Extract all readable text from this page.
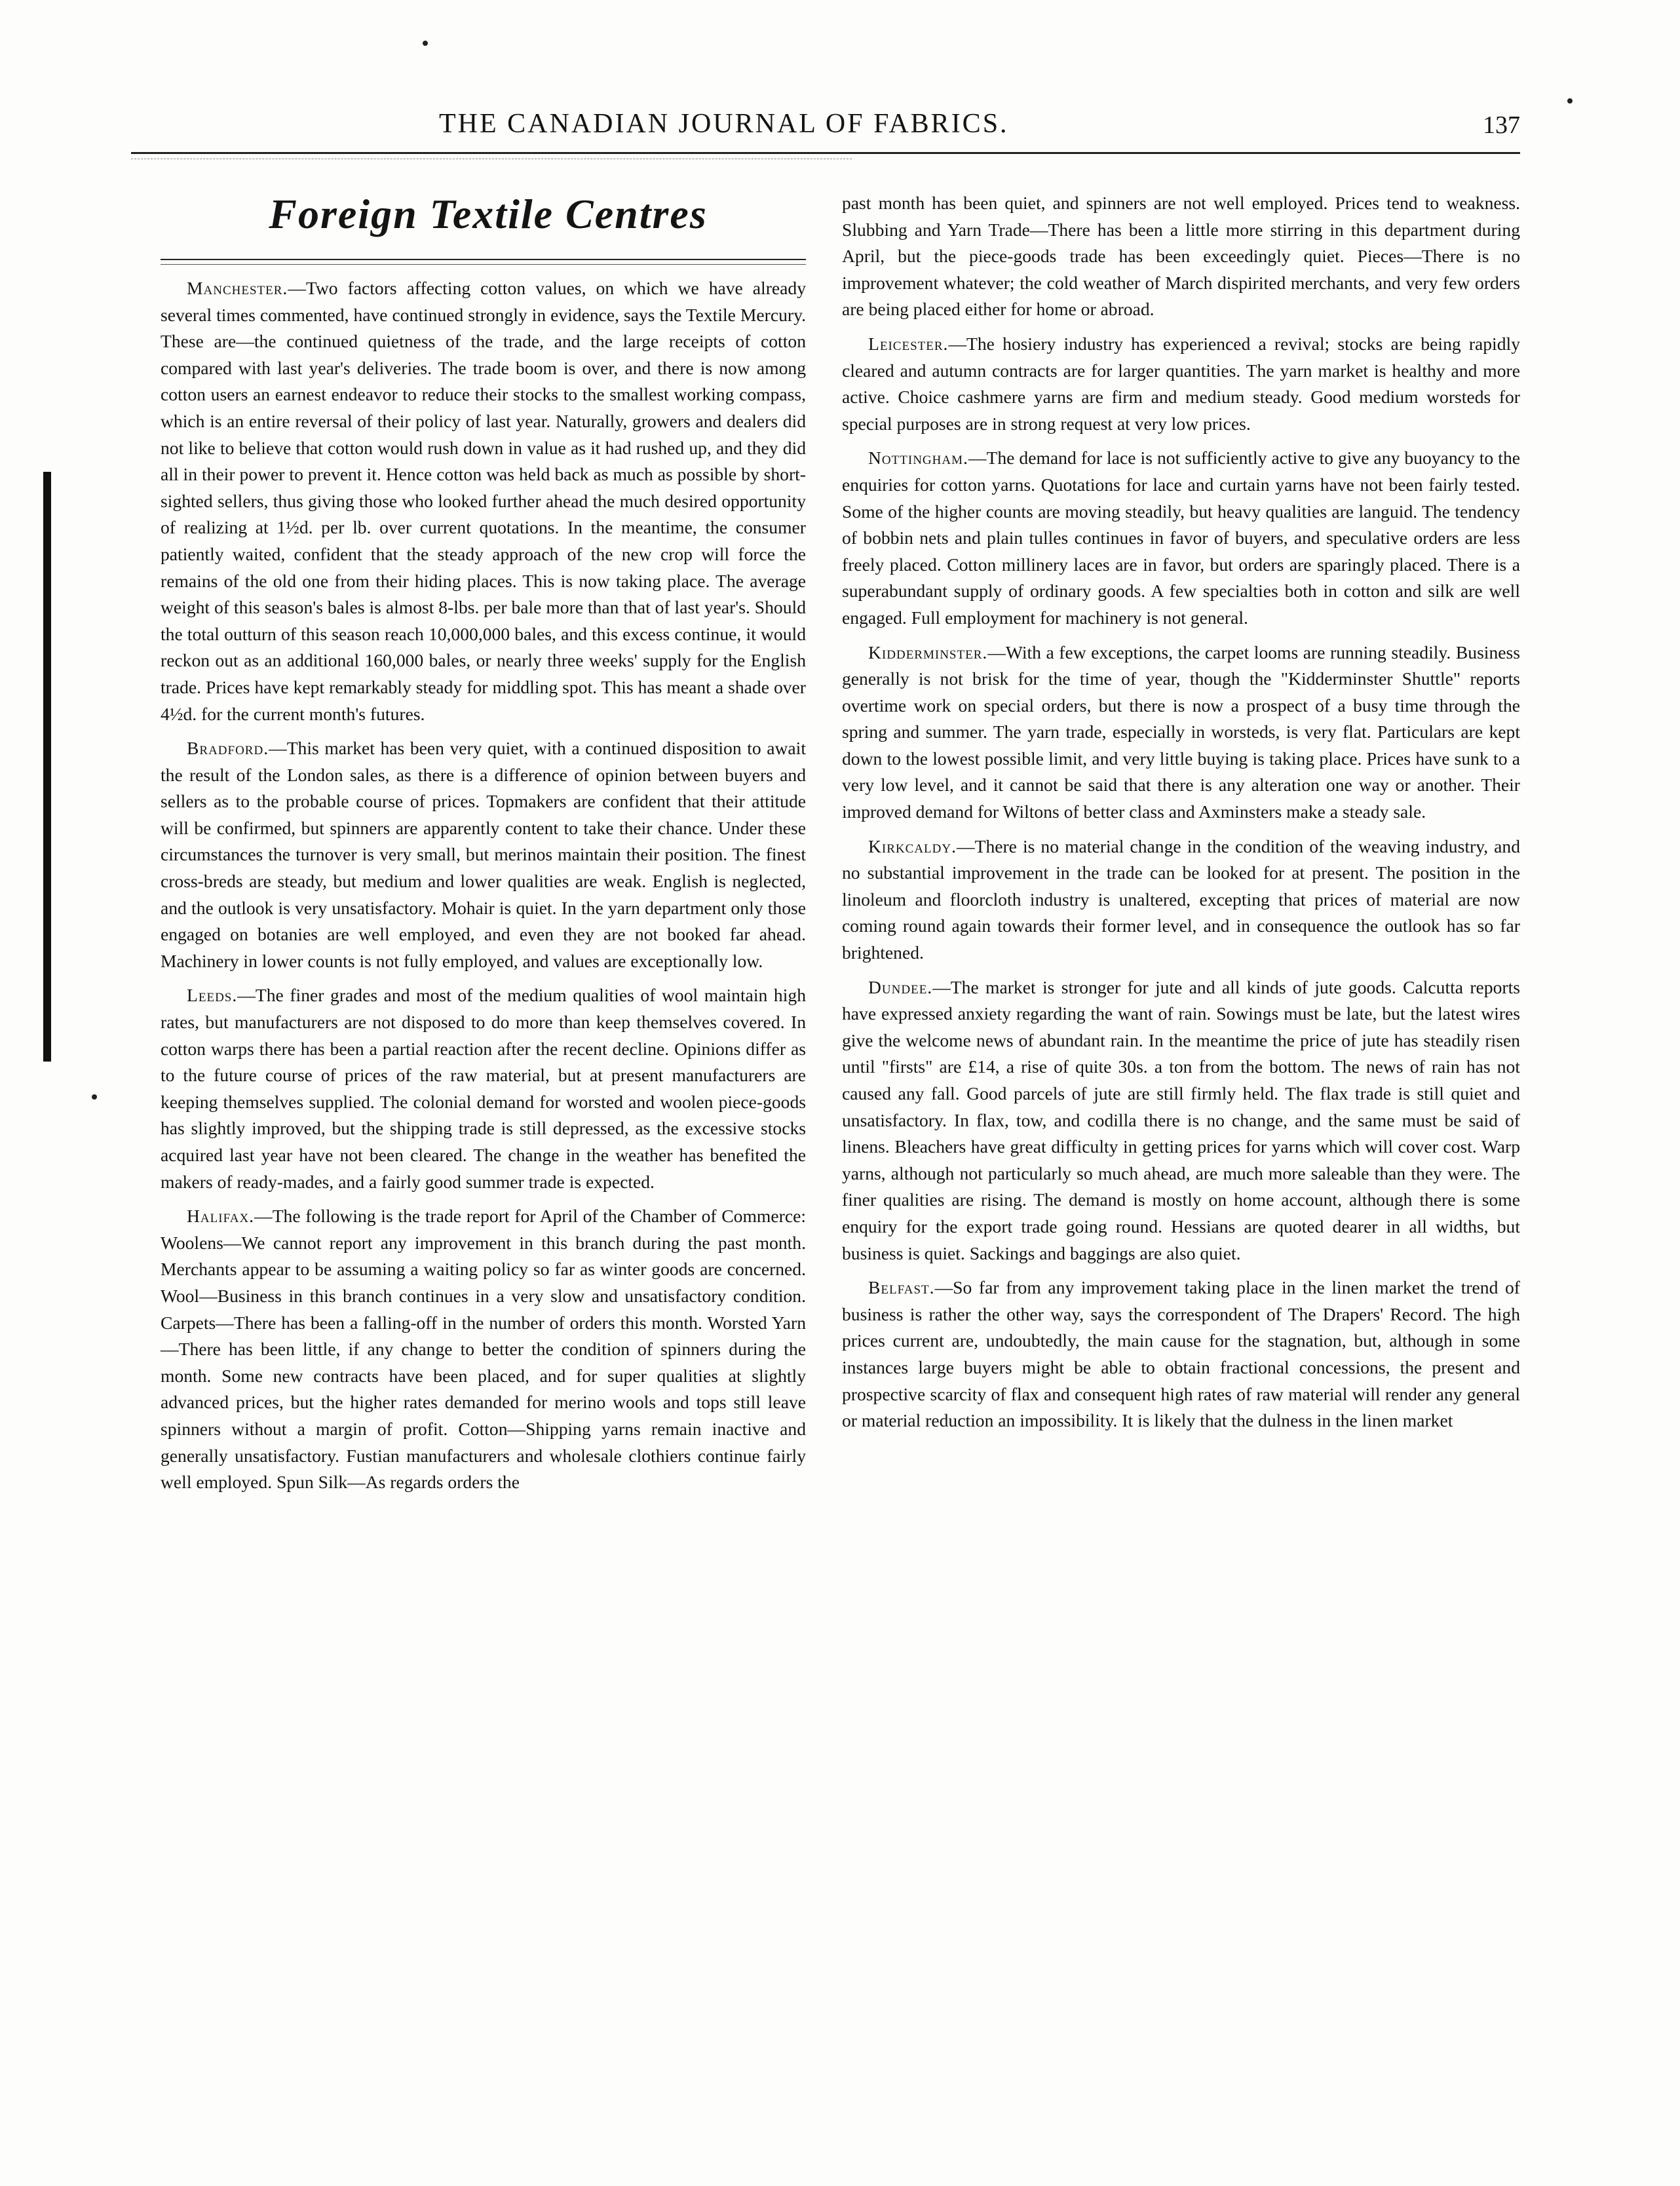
THE CANADIAN JOURNAL OF FABRICS.	137
Foreign Textile Centres

Manchester.—Two factors affecting cotton values, on which we have already several times commented, have continued strongly in evidence, says the Textile Mercury. These are—the continued quietness of the trade, and the large receipts of cotton compared with last year's deliveries. The trade boom is over, and there is now among cotton users an earnest endeavor to reduce their stocks to the smallest working compass, which is an entire reversal of their policy of last year. Naturally, growers and dealers did not like to believe that cotton would rush down in value as it had rushed up, and they did all in their power to prevent it. Hence cotton was held back as much as possible by short-sighted sellers, thus giving those who looked further ahead the much desired opportunity of realizing at 1½d. per lb. over current quotations. In the meantime, the consumer patiently waited, confident that the steady approach of the new crop will force the remains of the old one from their hiding places. This is now taking place. The average weight of this season's bales is almost 8-lbs. per bale more than that of last year's. Should the total outturn of this season reach 10,000,000 bales, and this excess continue, it would reckon out as an additional 160,000 bales, or nearly three weeks' supply for the English trade. Prices have kept remarkably steady for middling spot. This has meant a shade over 4½d. for the current month's futures.

Bradford.—This market has been very quiet, with a continued disposition to await the result of the London sales, as there is a difference of opinion between buyers and sellers as to the probable course of prices. Topmakers are confident that their attitude will be confirmed, but spinners are apparently content to take their chance. Under these circumstances the turnover is very small, but merinos maintain their position. The finest cross-breds are steady, but medium and lower qualities are weak. English is neglected, and the outlook is very unsatisfactory. Mohair is quiet. In the yarn department only those engaged on botanies are well employed, and even they are not booked far ahead. Machinery in lower counts is not fully employed, and values are exceptionally low.

Leeds.—The finer grades and most of the medium qualities of wool maintain high rates, but manufacturers are not disposed to do more than keep themselves covered. In cotton warps there has been a partial reaction after the recent decline. Opinions differ as to the future course of prices of the raw material, but at present manufacturers are keeping themselves supplied. The colonial demand for worsted and woolen piece-goods has slightly improved, but the shipping trade is still depressed, as the excessive stocks acquired last year have not been cleared. The change in the weather has benefited the makers of ready-mades, and a fairly good summer trade is expected.

Halifax.—The following is the trade report for April of the Chamber of Commerce: Woolens—We cannot report any improvement in this branch during the past month. Merchants appear to be assuming a waiting policy so far as winter goods are concerned. Wool—Business in this branch continues in a very slow and unsatisfactory condition. Carpets—There has been a falling-off in the number of orders this month. Worsted Yarn—There has been little, if any change to better the condition of spinners during the month. Some new contracts have been placed, and for super qualities at slightly advanced prices, but the higher rates demanded for merino wools and tops still leave spinners without a margin of profit. Cotton—Shipping yarns remain inactive and generally unsatisfactory. Fustian manufacturers and wholesale clothiers continue fairly well employed. Spun Silk—As regards orders the

past month has been quiet, and spinners are not well employed. Prices tend to weakness. Slubbing and Yarn Trade—There has been a little more stirring in this department during April, but the piece-goods trade has been exceedingly quiet. Pieces—There is no improvement whatever; the cold weather of March dispirited merchants, and very few orders are being placed either for home or abroad.

Leicester.—The hosiery industry has experienced a revival; stocks are being rapidly cleared and autumn contracts are for larger quantities. The yarn market is healthy and more active. Choice cashmere yarns are firm and medium steady. Good medium worsteds for special purposes are in strong request at very low prices.

Nottingham.—The demand for lace is not sufficiently active to give any buoyancy to the enquiries for cotton yarns. Quotations for lace and curtain yarns have not been fairly tested. Some of the higher counts are moving steadily, but heavy qualities are languid. The tendency of bobbin nets and plain tulles continues in favor of buyers, and speculative orders are less freely placed. Cotton millinery laces are in favor, but orders are sparingly placed. There is a superabundant supply of ordinary goods. A few specialties both in cotton and silk are well engaged. Full employment for machinery is not general.

Kidderminster.—With a few exceptions, the carpet looms are running steadily. Business generally is not brisk for the time of year, though the "Kidderminster Shuttle" reports overtime work on special orders, but there is now a prospect of a busy time through the spring and summer. The yarn trade, especially in worsteds, is very flat. Particulars are kept down to the lowest possible limit, and very little buying is taking place. Prices have sunk to a very low level, and it cannot be said that there is any alteration one way or another. Their improved demand for Wiltons of better class and Axminsters make a steady sale.

Kirkcaldy.—There is no material change in the condition of the weaving industry, and no substantial improvement in the trade can be looked for at present. The position in the linoleum and floorcloth industry is unaltered, excepting that prices of material are now coming round again towards their former level, and in consequence the outlook has so far brightened.

Dundee.—The market is stronger for jute and all kinds of jute goods. Calcutta reports have expressed anxiety regarding the want of rain. Sowings must be late, but the latest wires give the welcome news of abundant rain. In the meantime the price of jute has steadily risen until "firsts" are £14, a rise of quite 30s. a ton from the bottom. The news of rain has not caused any fall. Good parcels of jute are still firmly held. The flax trade is still quiet and unsatisfactory. In flax, tow, and codilla there is no change, and the same must be said of linens. Bleachers have great difficulty in getting prices for yarns which will cover cost. Warp yarns, although not particularly so much ahead, are much more saleable than they were. The finer qualities are rising. The demand is mostly on home account, although there is some enquiry for the export trade going round. Hessians are quoted dearer in all widths, but business is quiet. Sackings and baggings are also quiet.

Belfast.—So far from any improvement taking place in the linen market the trend of business is rather the other way, says the correspondent of The Drapers' Record. The high prices current are, undoubtedly, the main cause for the stagnation, but, although in some instances large buyers might be able to obtain fractional concessions, the present and prospective scarcity of flax and consequent high rates of raw material will render any general or material reduction an impossibility. It is likely that the dulness in the linen market
